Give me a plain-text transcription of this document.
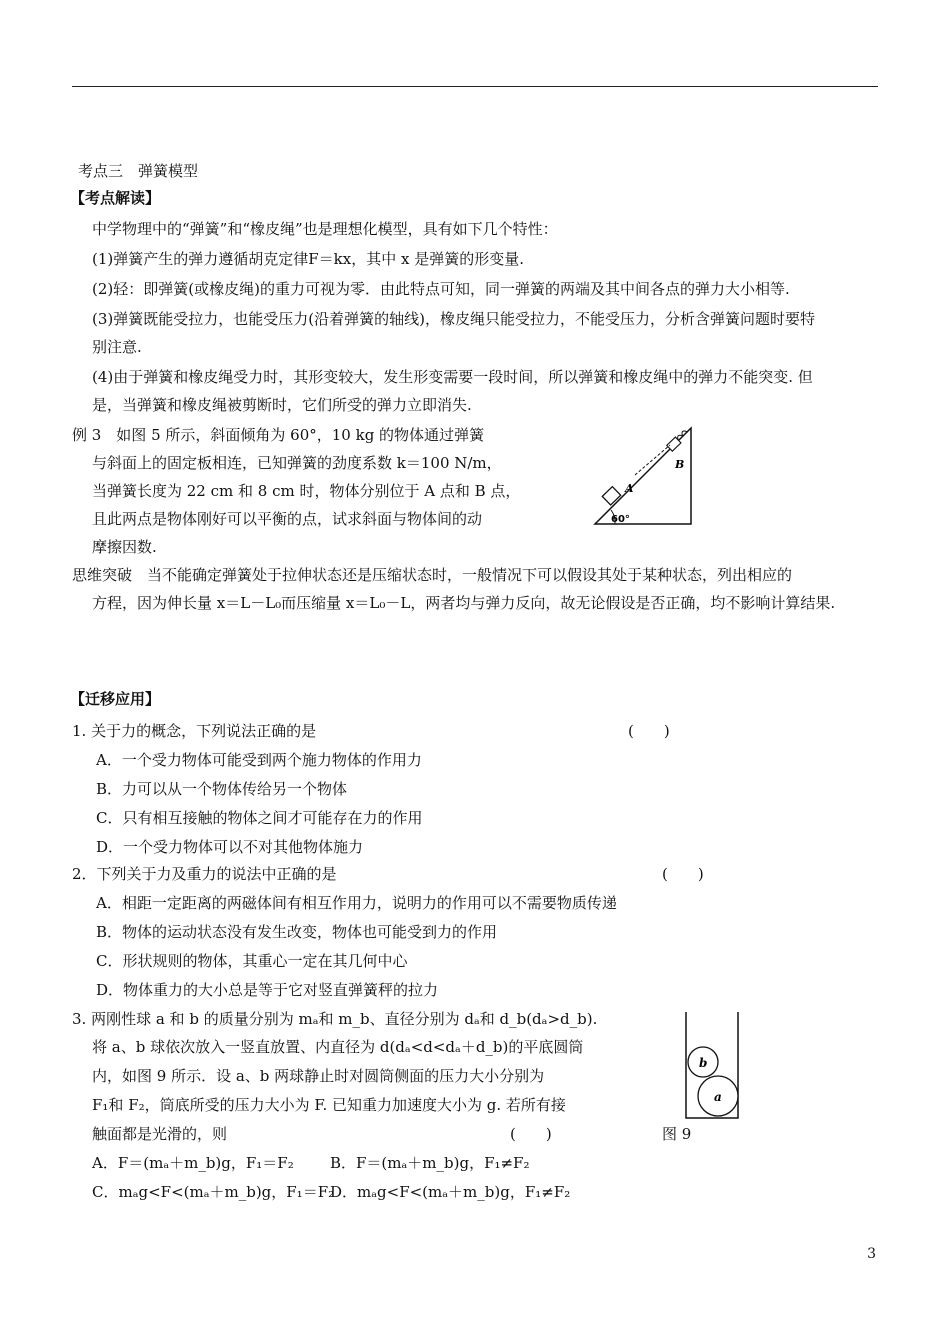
考点三　弹簧模型
【考点解读】
中学物理中的“弹簧”和“橡皮绳”也是理想化模型，具有如下几个特性：
(1)弹簧产生的弹力遵循胡克定律F＝kx，其中 x 是弹簧的形变量.
(2)轻：即弹簧(或橡皮绳)的重力可视为零．由此特点可知，同一弹簧的两端及其中间各点的弹力大小相等.
(3)弹簧既能受拉力，也能受压力(沿着弹簧的轴线)，橡皮绳只能受拉力，不能受压力，分析含弹簧问题时要特
别注意.
(4)由于弹簧和橡皮绳受力时，其形变较大，发生形变需要一段时间，所以弹簧和橡皮绳中的弹力不能突变. 但
是，当弹簧和橡皮绳被剪断时，它们所受的弹力立即消失.
例 3　如图 5 所示，斜面倾角为 60°，10 kg 的物体通过弹簧
与斜面上的固定板相连，已知弹簧的劲度系数 k＝100 N/m，
当弹簧长度为 22 cm 和 8 cm 时，物体分别位于 A 点和 B 点，
且此两点是物体刚好可以平衡的点，试求斜面与物体间的动
摩擦因数.
60°
A
B
思维突破　当不能确定弹簧处于拉伸状态还是压缩状态时，一般情况下可以假设其处于某种状态，列出相应的
方程，因为伸长量 x＝L－L₀而压缩量 x＝L₀－L，两者均与弹力反向，故无论假设是否正确，均不影响计算结果.
【迁移应用】
1. 关于力的概念，下列说法正确的是	(　　)
A．一个受力物体可能受到两个施力物体的作用力
B．力可以从一个物体传给另一个物体
C．只有相互接触的物体之间才可能存在力的作用
D．一个受力物体可以不对其他物体施力
2．下列关于力及重力的说法中正确的是	(　　)
A．相距一定距离的两磁体间有相互作用力，说明力的作用可以不需要物质传递
B．物体的运动状态没有发生改变，物体也可能受到力的作用
C．形状规则的物体，其重心一定在其几何中心
D．物体重力的大小总是等于它对竖直弹簧秤的拉力
3. 两刚性球 a 和 b 的质量分别为 mₐ和 m_b、直径分别为 dₐ和 d_b(dₐ>d_b).
将 a、b 球依次放入一竖直放置、内直径为 d(dₐ<d<dₐ＋d_b)的平底圆筒
内，如图 9 所示．设 a、b 两球静止时对圆筒侧面的压力大小分别为
F₁和 F₂，筒底所受的压力大小为 F. 已知重力加速度大小为 g. 若所有接
触面都是光滑的，则	(　　)	图 9
A．F＝(mₐ＋m_b)g，F₁＝F₂ B．F＝(mₐ＋m_b)g，F₁≠F₂
C．mₐg<F<(mₐ＋m_b)g，F₁＝F₂
D．mₐg<F<(mₐ＋m_b)g，F₁≠F₂
b
a
3
